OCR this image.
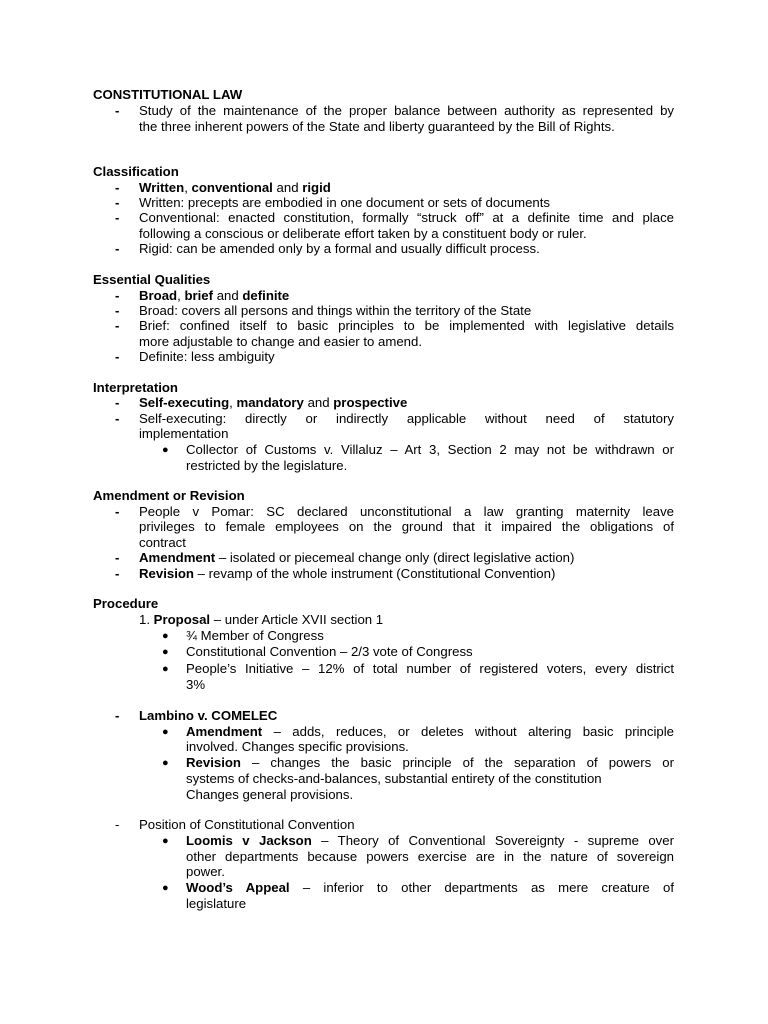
CONSTITUTIONAL LAW
- Study of the maintenance of the proper balance between authority as represented by
the three inherent powers of the State and liberty guaranteed by the Bill of Rights.
Classification
- Written, conventional and rigid
- Written: precepts are embodied in one document or sets of documents
- Conventional: enacted constitution, formally “struck off” at a definite time and place
following a conscious or deliberate effort taken by a constituent body or ruler.
- Rigid: can be amended only by a formal and usually difficult process.
Essential Qualities
- Broad, brief and definite
- Broad: covers all persons and things within the territory of the State
- Brief: confined itself to basic principles to be implemented with legislative details
more adjustable to change and easier to amend.
- Definite: less ambiguity
Interpretation
- Self-executing, mandatory and prospective
- Self-executing: directly or indirectly applicable without need of statutory
implementation
● Collector of Customs v. Villaluz – Art 3, Section 2 may not be withdrawn or
restricted by the legislature.
Amendment or Revision
- People v Pomar: SC declared unconstitutional a law granting maternity leave
privileges to female employees on the ground that it impaired the obligations of
contract
- Amendment – isolated or piecemeal change only (direct legislative action)
- Revision – revamp of the whole instrument (Constitutional Convention)
Procedure
1. Proposal – under Article XVII section 1
● ¾ Member of Congress
● Constitutional Convention – 2/3 vote of Congress
● People’s Initiative – 12% of total number of registered voters, every district
3%
- Lambino v. COMELEC
● Amendment – adds, reduces, or deletes without altering basic principle
involved. Changes specific provisions.
● Revision – changes the basic principle of the separation of powers or
systems of checks-and-balances, substantial entirety of the constitution
Changes general provisions.
- Position of Constitutional Convention
● Loomis v Jackson – Theory of Conventional Sovereignty - supreme over
other departments because powers exercise are in the nature of sovereign
power.
● Wood’s Appeal – inferior to other departments as mere creature of
legislature
